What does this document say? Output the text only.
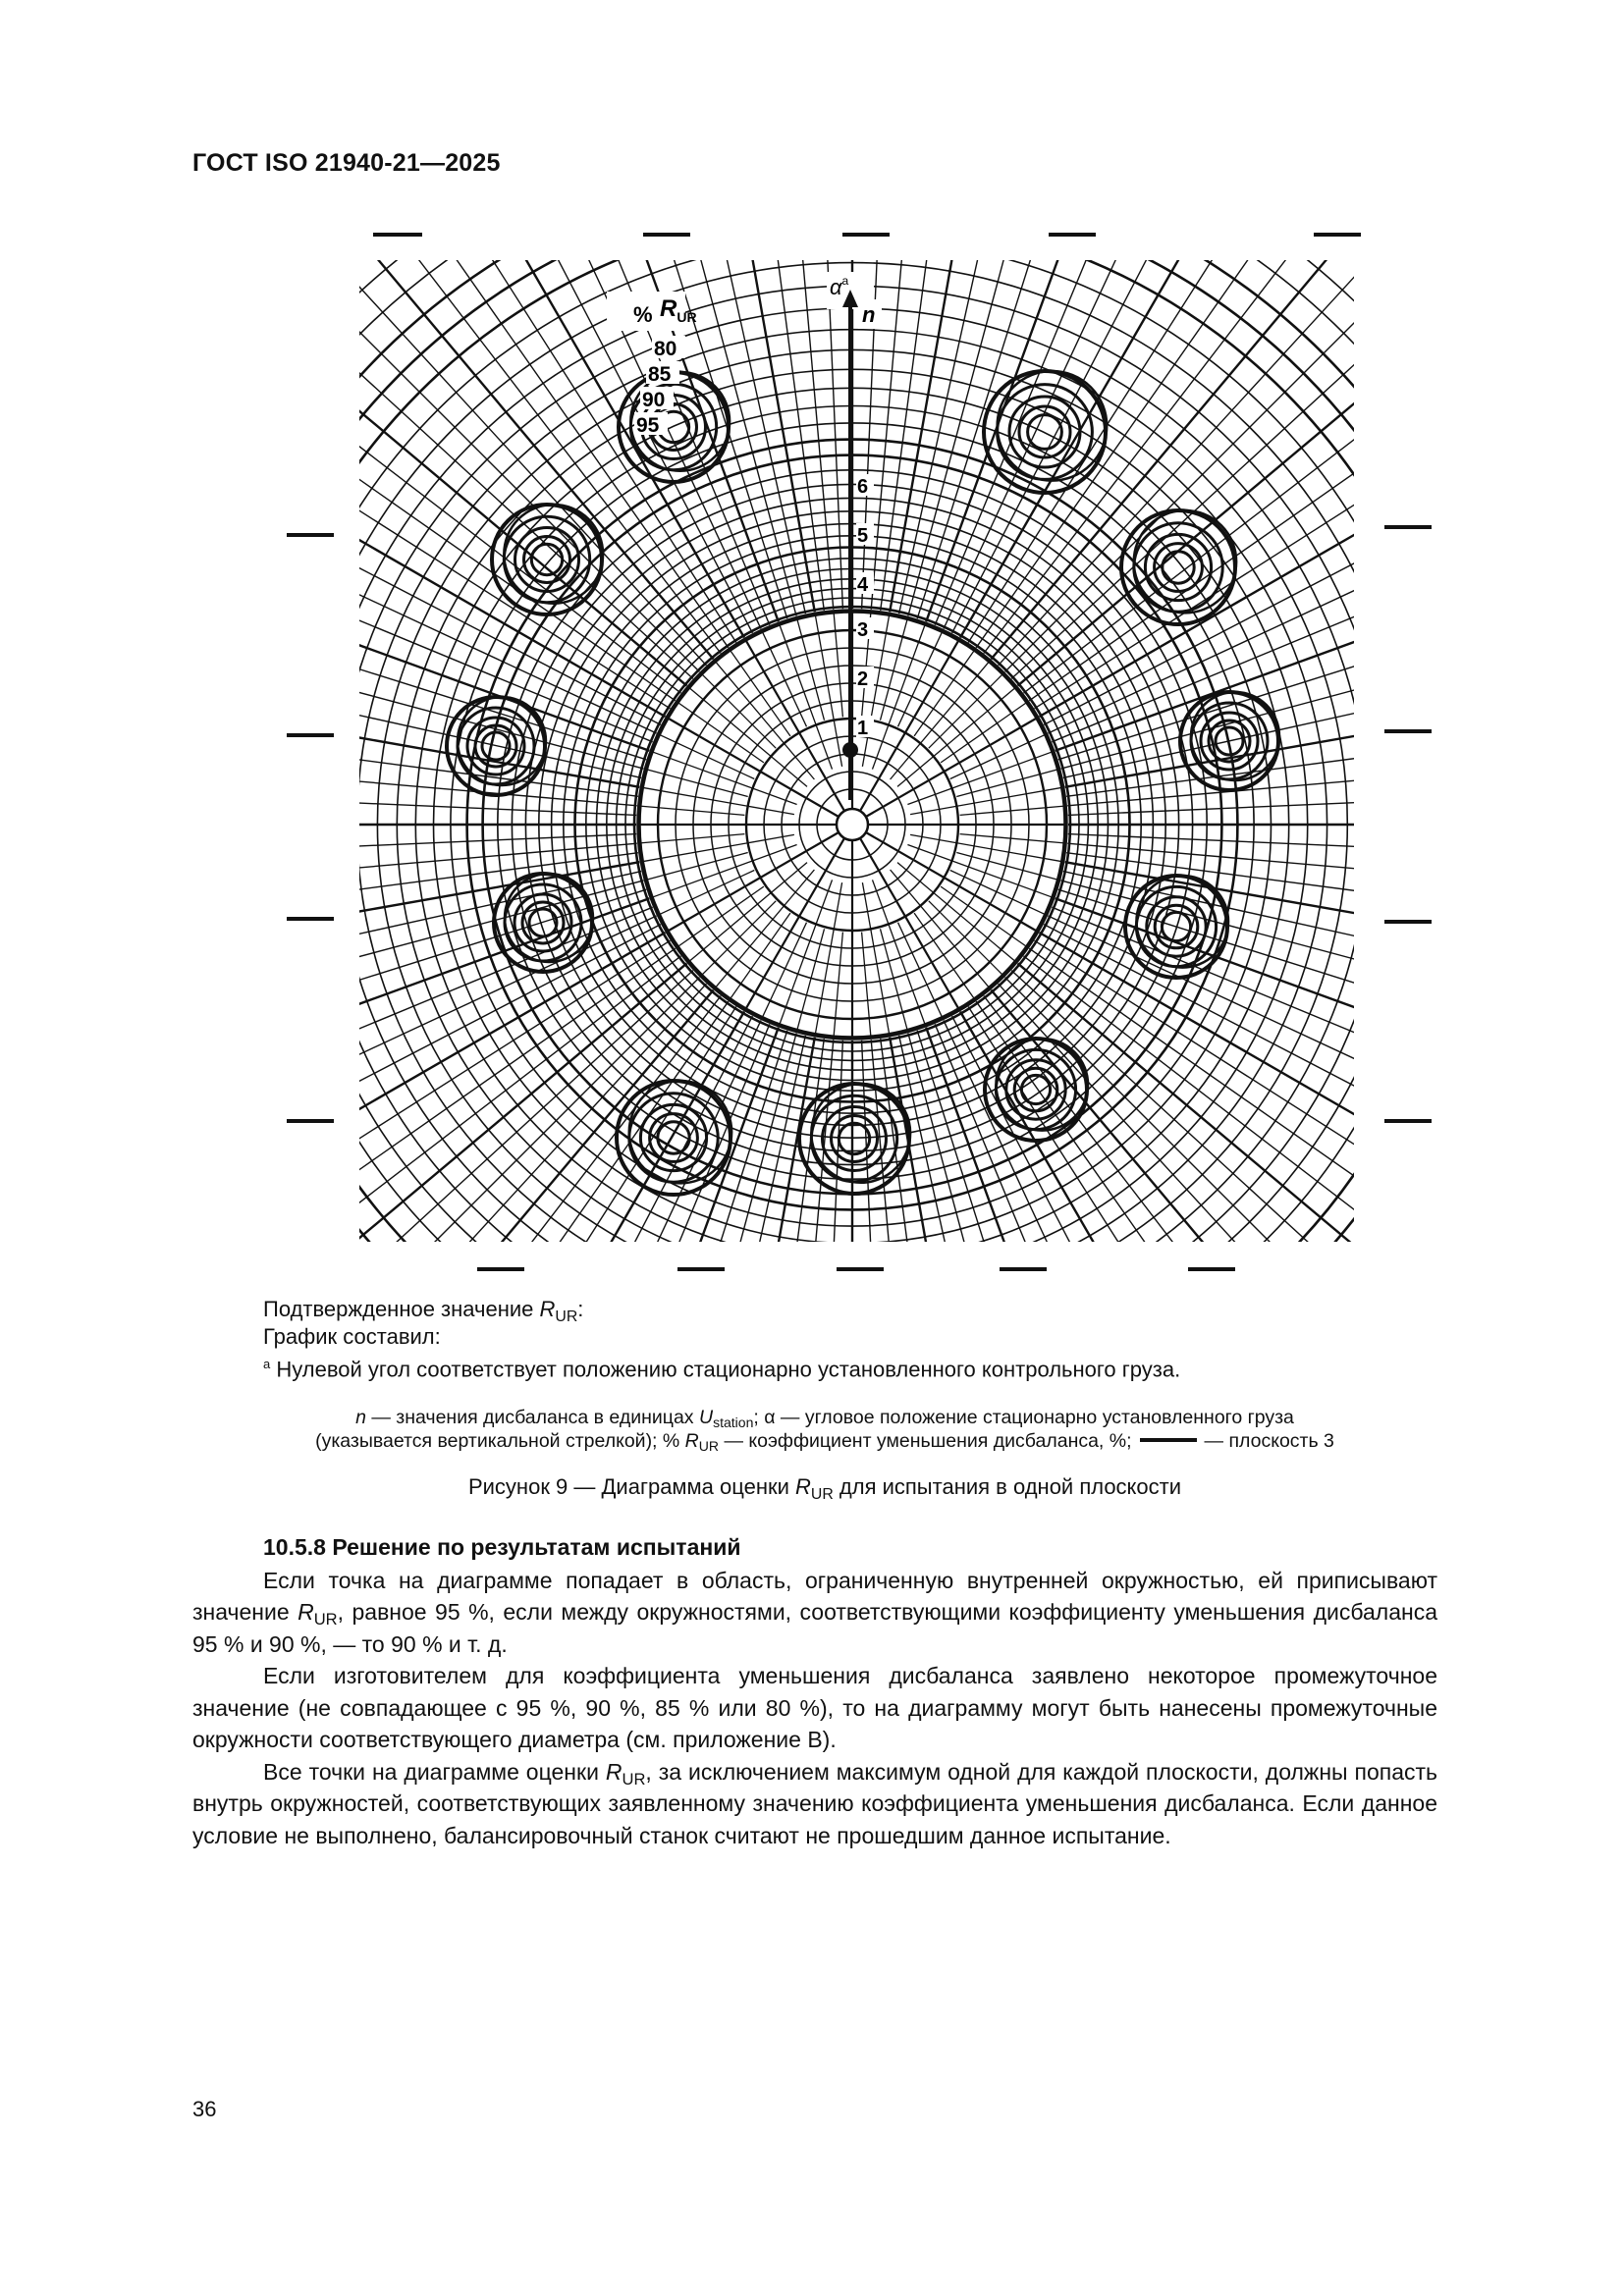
ГОСТ ISO 21940-21—2025
% $R_{UR}$
80
85
90
95
$\alpha^a$
n
1
2
3
4
5
6
Подтвержденное значение $R_{UR}$:
График составил:
$^a$ Нулевой угол соответствует положению стационарно установленного контрольного груза.
n — значения дисбаланса в единицах $U_{station}$; α — угловое положение стационарно установленного груза
(указывается вертикальной стрелкой); % $R_{UR}$ — коэффициент уменьшения дисбаланса, %;	— плоскость 3
Рисунок 9 — Диаграмма оценки $R_{UR}$ для испытания в одной плоскости
10.5.8 Решение по результатам испытаний

Если точка на диаграмме попадает в область, ограниченную внутренней окружностью, ей приписывают значение $R_{UR}$, равное 95 %, если между окружностями, соответствующими коэффициенту уменьшения дисбаланса 95 % и 90 %, — то 90 % и т. д.

Если изготовителем для коэффициента уменьшения дисбаланса заявлено некоторое промежуточное значение (не совпадающее с 95 %, 90 %, 85 % или 80 %), то на диаграмму могут быть нанесены промежуточные окружности соответствующего диаметра (см. приложение В).

Все точки на диаграмме оценки $R_{UR}$, за исключением максимум одной для каждой плоскости, должны попасть внутрь окружностей, соответствующих заявленному значению коэффициента уменьшения дисбаланса. Если данное условие не выполнено, балансировочный станок считают не прошедшим данное испытание.

36
